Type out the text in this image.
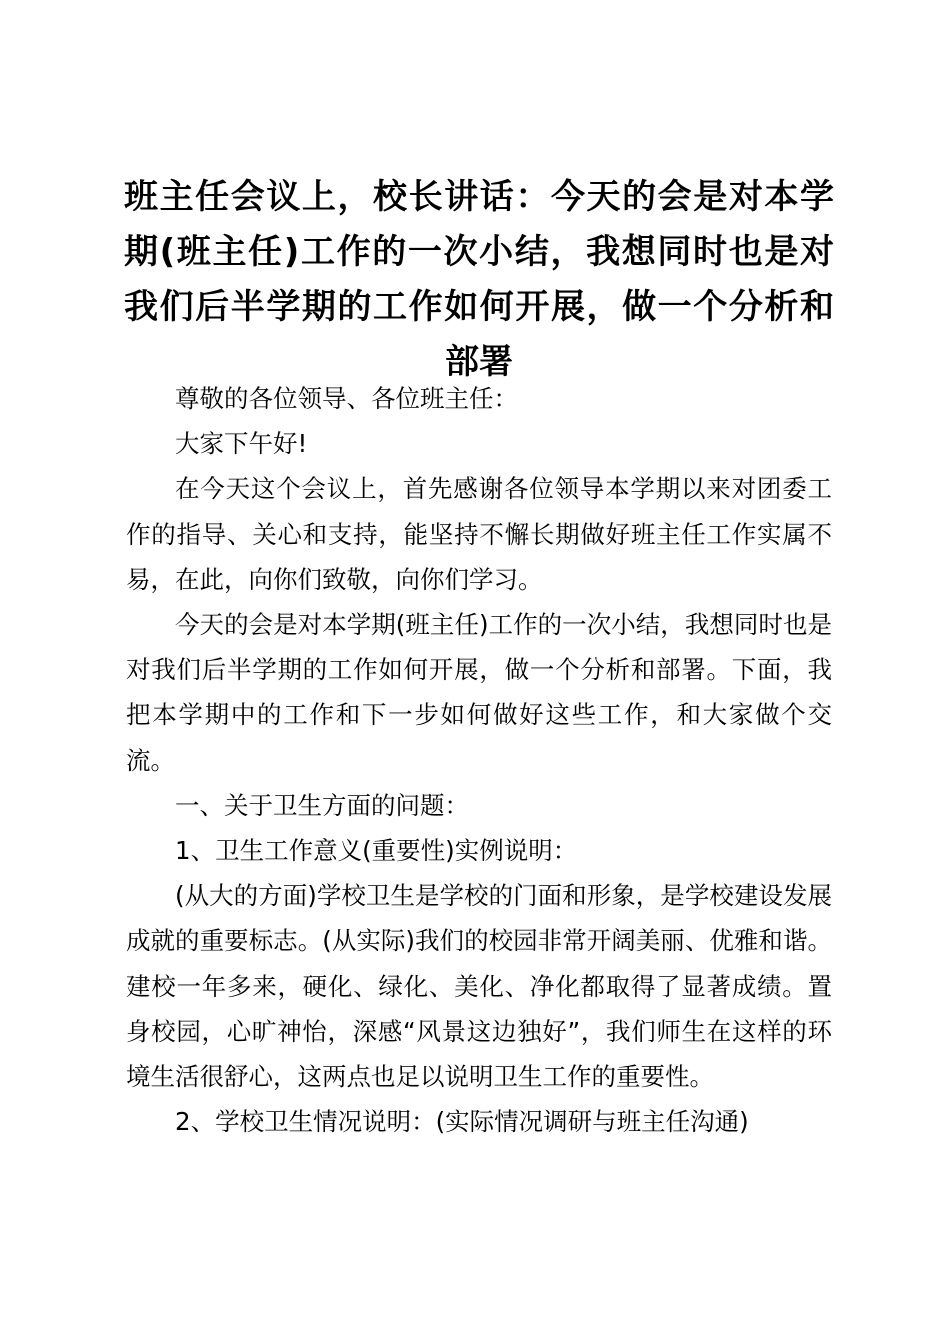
班主任会议上，校长讲话：今天的会是对本学期(班主任)工作的一次小结，我想同时也是对我们后半学期的工作如何开展，做一个分析和部署

尊敬的各位领导、各位班主任：

大家下午好!

在今天这个会议上，首先感谢各位领导本学期以来对团委工作的指导、关心和支持，能坚持不懈长期做好班主任工作实属不易，在此，向你们致敬，向你们学习。

今天的会是对本学期(班主任)工作的一次小结，我想同时也是对我们后半学期的工作如何开展，做一个分析和部署。下面，我把本学期中的工作和下一步如何做好这些工作，和大家做个交流。

一、关于卫生方面的问题：

1、卫生工作意义(重要性)实例说明：

(从大的方面)学校卫生是学校的门面和形象，是学校建设发展成就的重要标志。(从实际)我们的校园非常开阔美丽、优雅和谐。建校一年多来，硬化、绿化、美化、净化都取得了显著成绩。置身校园，心旷神怡，深感“风景这边独好”，我们师生在这样的环境生活很舒心，这两点也足以说明卫生工作的重要性。

2、学校卫生情况说明：(实际情况调研与班主任沟通)
